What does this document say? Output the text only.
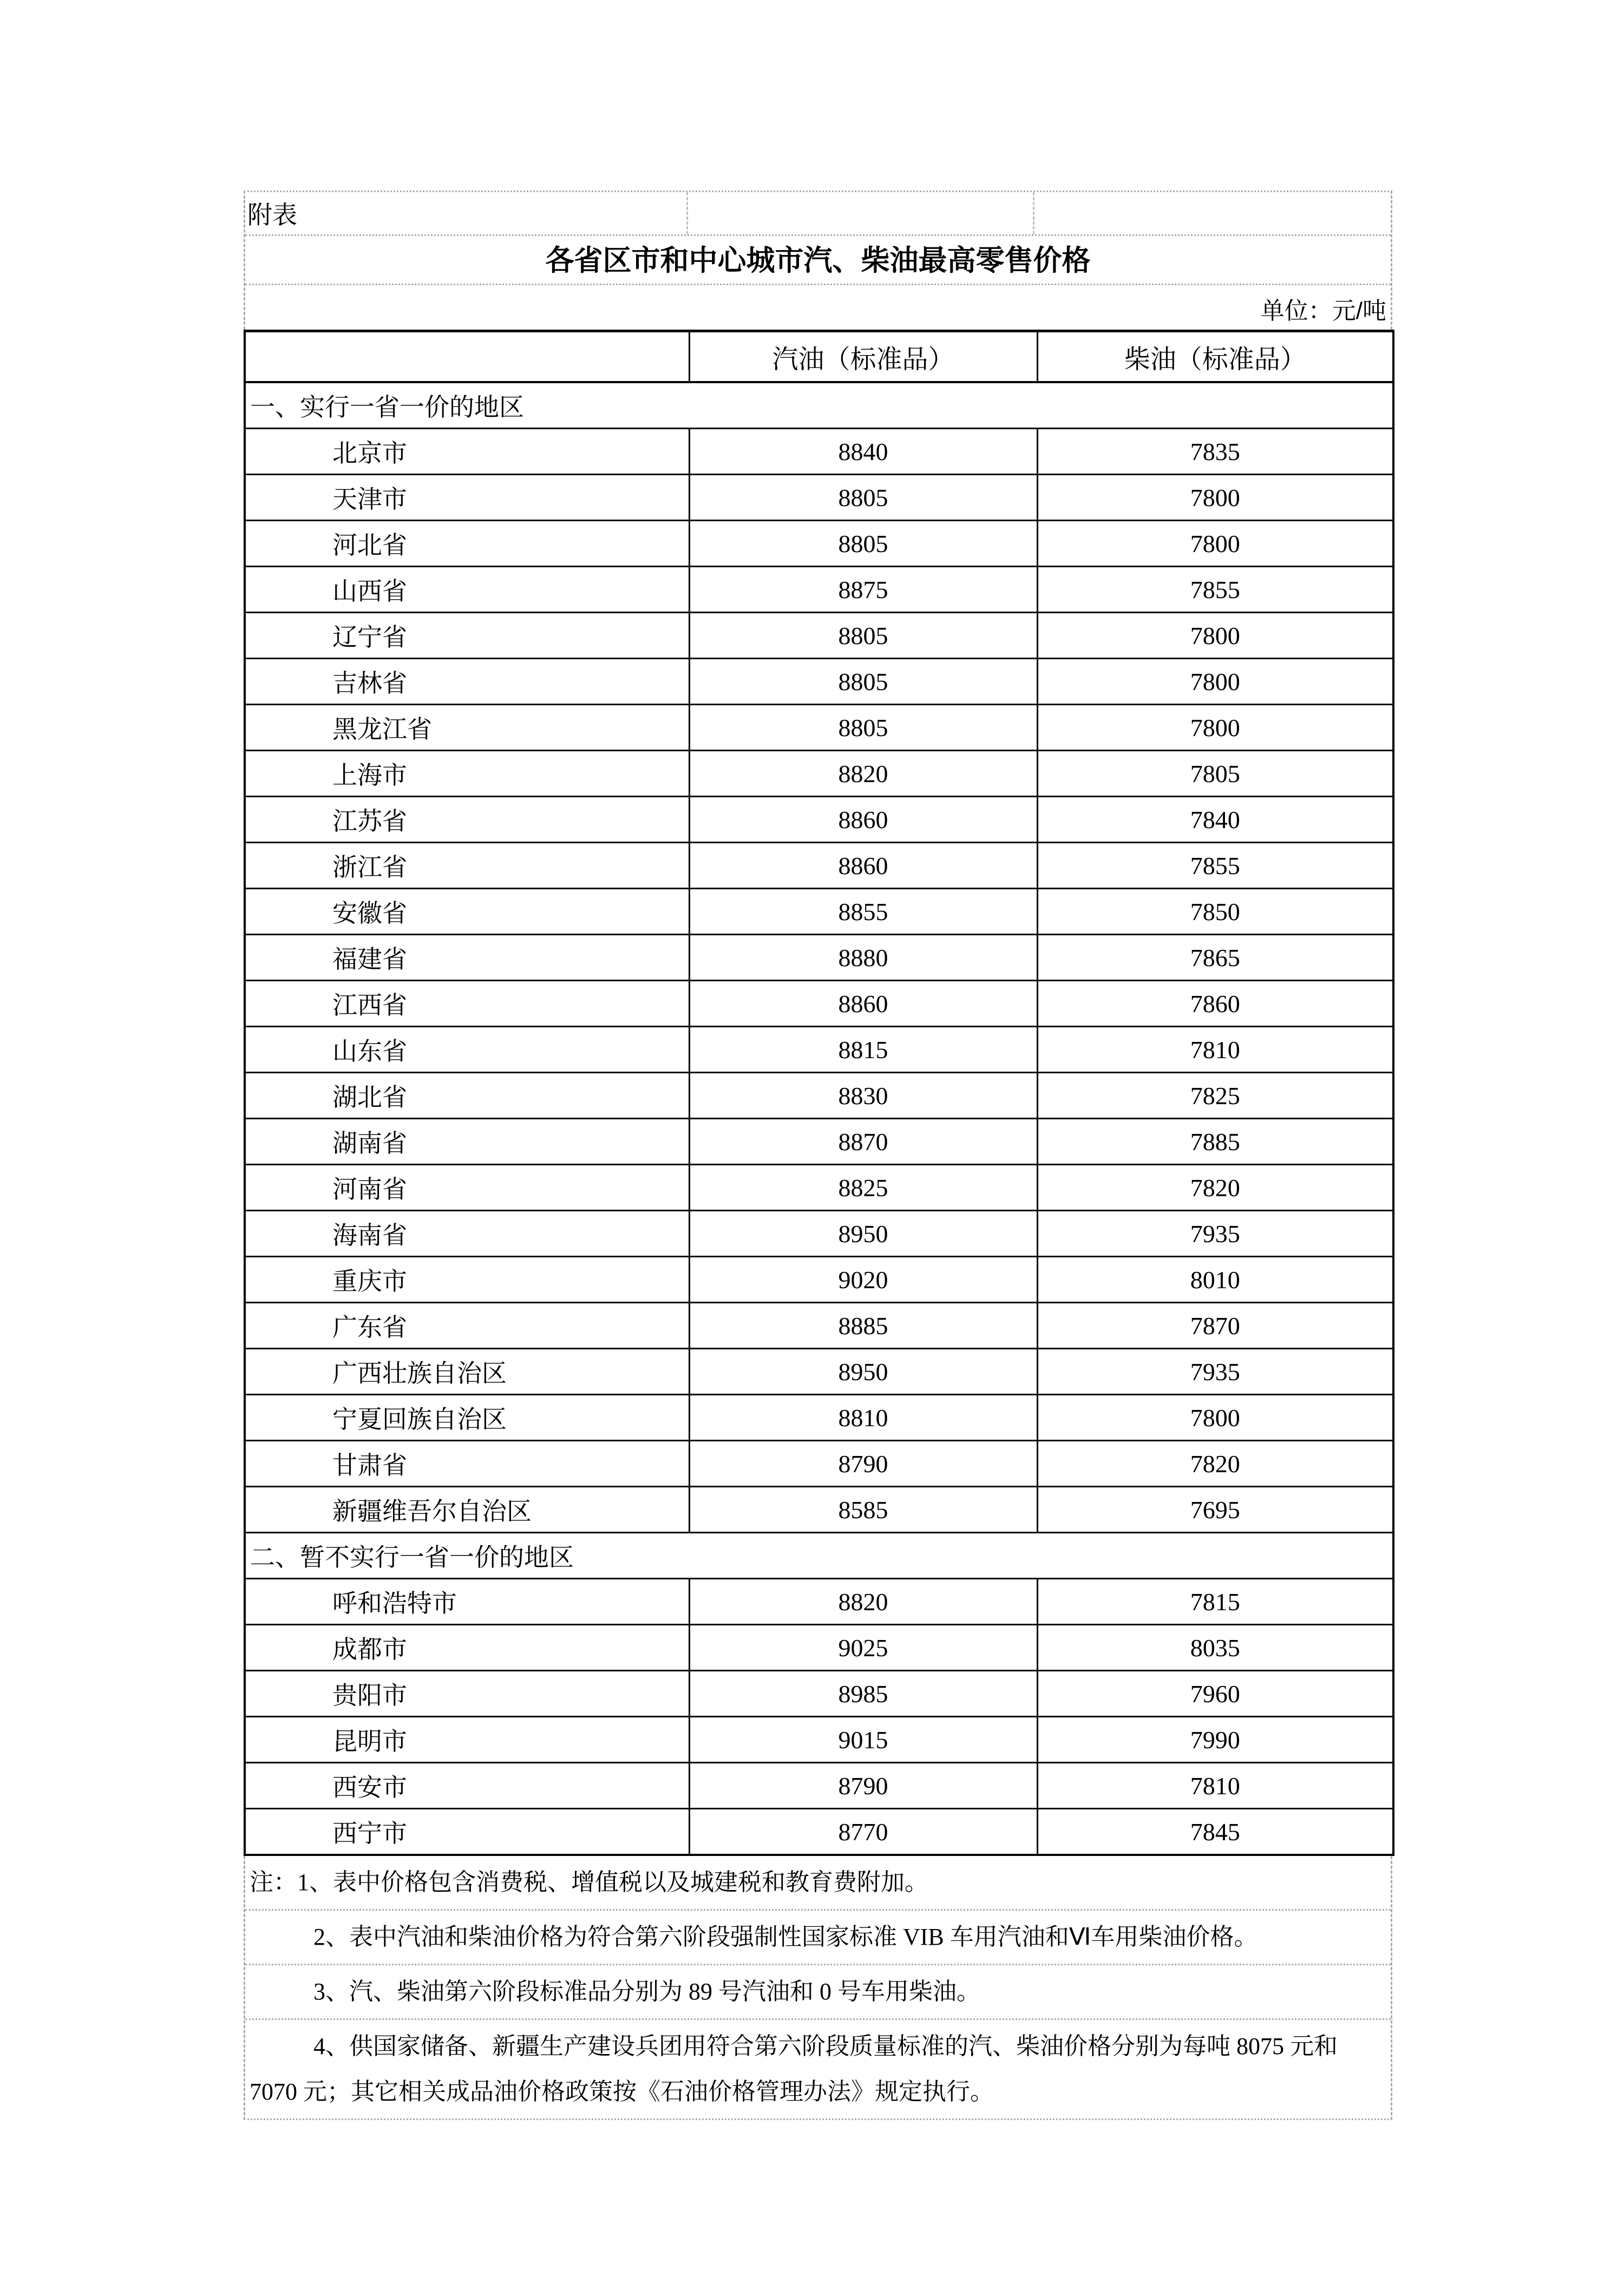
附表
各省区市和中心城市汽、柴油最高零售价格
单位：元/吨
	汽油（标准品）	柴油（标准品）
一、实行一省一价的地区		
北京市	8840	7835
天津市	8805	7800
河北省	8805	7800
山西省	8875	7855
辽宁省	8805	7800
吉林省	8805	7800
黑龙江省	8805	7800
上海市	8820	7805
江苏省	8860	7840
浙江省	8860	7855
安徽省	8855	7850
福建省	8880	7865
江西省	8860	7860
山东省	8815	7810
湖北省	8830	7825
湖南省	8870	7885
河南省	8825	7820
海南省	8950	7935
重庆市	9020	8010
广东省	8885	7870
广西壮族自治区	8950	7935
宁夏回族自治区	8810	7800
甘肃省	8790	7820
新疆维吾尔自治区	8585	7695
二、暂不实行一省一价的地区		
呼和浩特市	8820	7815
成都市	9025	8035
贵阳市	8985	7960
昆明市	9015	7990
西安市	8790	7810
西宁市	8770	7845
注：1、表中价格包含消费税、增值税以及城建税和教育费附加。
2、表中汽油和柴油价格为符合第六阶段强制性国家标准 VIB 车用汽油和Ⅵ车用柴油价格。
3、汽、柴油第六阶段标准品分别为 89 号汽油和 0 号车用柴油。
4、供国家储备、新疆生产建设兵团用符合第六阶段质量标准的汽、柴油价格分别为每吨 8075 元和 7070 元；其它相关成品油价格政策按《石油价格管理办法》规定执行。
